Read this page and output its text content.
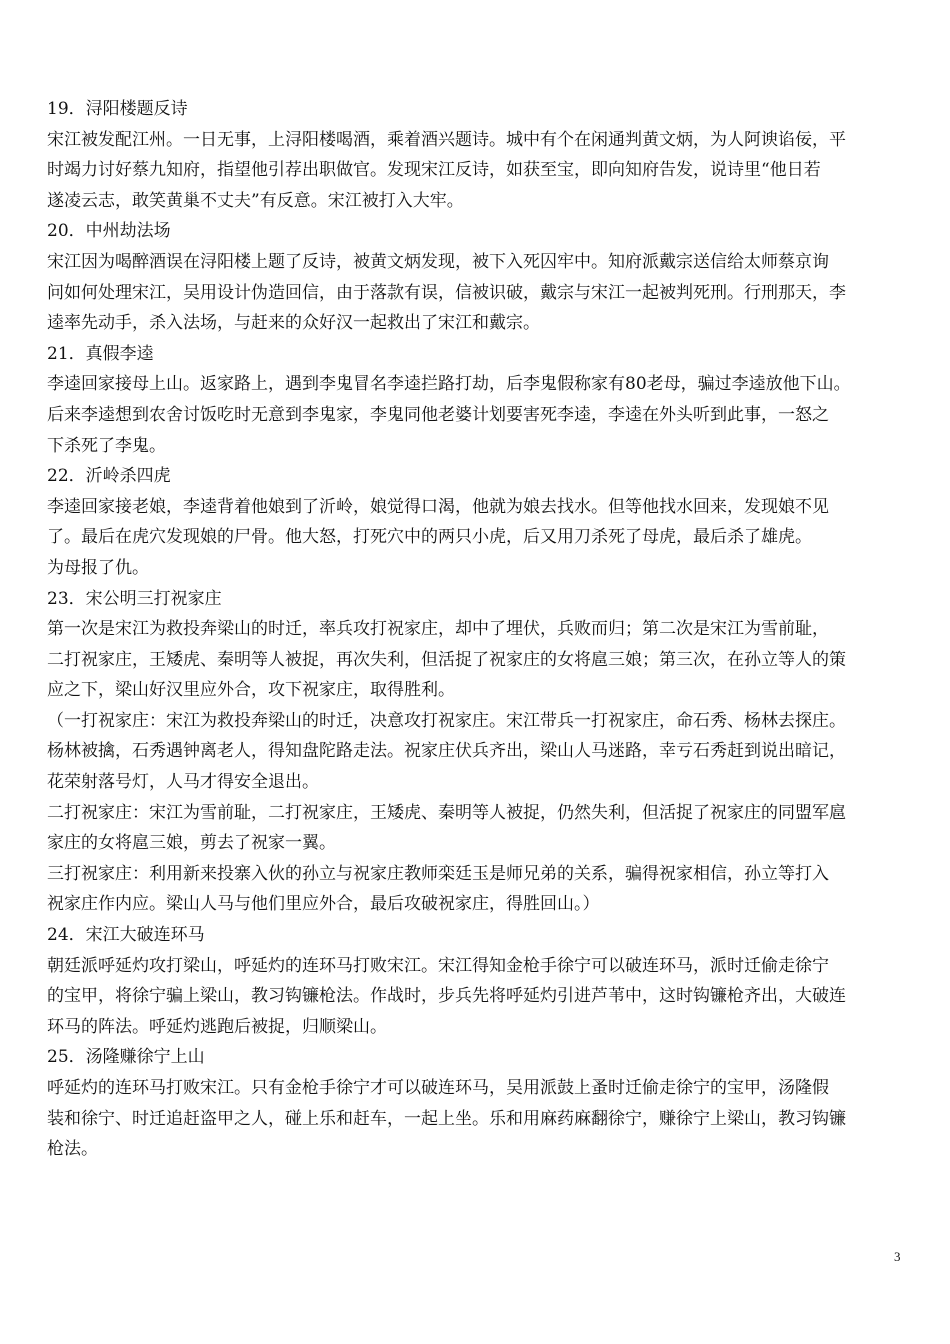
19．浔阳楼题反诗
宋江被发配江州。一日无事，上浔阳楼喝酒，乘着酒兴题诗。城中有个在闲通判黄文炳，为人阿谀谄佞，平
时竭力讨好蔡九知府，指望他引荐出职做官。发现宋江反诗，如获至宝，即向知府告发，说诗里“他日若
遂凌云志，敢笑黄巢不丈夫”有反意。宋江被打入大牢。
20．中州劫法场
宋江因为喝醉酒误在浔阳楼上题了反诗，被黄文炳发现，被下入死囚牢中。知府派戴宗送信给太师蔡京询
问如何处理宋江，吴用设计伪造回信，由于落款有误，信被识破，戴宗与宋江一起被判死刑。行刑那天，李
逵率先动手，杀入法场，与赶来的众好汉一起救出了宋江和戴宗。
21．真假李逵
李逵回家接母上山。返家路上，遇到李鬼冒名李逵拦路打劫，后李鬼假称家有80老母，骗过李逵放他下山。
后来李逵想到农舍讨饭吃时无意到李鬼家，李鬼同他老婆计划要害死李逵，李逵在外头听到此事，一怒之
下杀死了李鬼。
22．沂岭杀四虎
李逵回家接老娘，李逵背着他娘到了沂岭，娘觉得口渴，他就为娘去找水。但等他找水回来，发现娘不见
了。最后在虎穴发现娘的尸骨。他大怒，打死穴中的两只小虎，后又用刀杀死了母虎，最后杀了雄虎。
为母报了仇。
23．宋公明三打祝家庄
第一次是宋江为救投奔梁山的时迁，率兵攻打祝家庄，却中了埋伏，兵败而归；第二次是宋江为雪前耻，
二打祝家庄，王矮虎、秦明等人被捉，再次失利，但活捉了祝家庄的女将扈三娘；第三次，在孙立等人的策
应之下，梁山好汉里应外合，攻下祝家庄，取得胜利。
（一打祝家庄：宋江为救投奔梁山的时迁，决意攻打祝家庄。宋江带兵一打祝家庄，命石秀、杨林去探庄。
杨林被擒，石秀遇钟离老人，得知盘陀路走法。祝家庄伏兵齐出，梁山人马迷路，幸亏石秀赶到说出暗记，
花荣射落号灯，人马才得安全退出。
二打祝家庄：宋江为雪前耻，二打祝家庄，王矮虎、秦明等人被捉，仍然失利，但活捉了祝家庄的同盟军扈
家庄的女将扈三娘，剪去了祝家一翼。
三打祝家庄：利用新来投寨入伙的孙立与祝家庄教师栾廷玉是师兄弟的关系，骗得祝家相信，孙立等打入
祝家庄作内应。梁山人马与他们里应外合，最后攻破祝家庄，得胜回山。）
24．宋江大破连环马
朝廷派呼延灼攻打梁山，呼延灼的连环马打败宋江。宋江得知金枪手徐宁可以破连环马，派时迁偷走徐宁
的宝甲，将徐宁骗上梁山，教习钩镰枪法。作战时，步兵先将呼延灼引进芦苇中，这时钩镰枪齐出，大破连
环马的阵法。呼延灼逃跑后被捉，归顺梁山。
25．汤隆赚徐宁上山
呼延灼的连环马打败宋江。只有金枪手徐宁才可以破连环马，吴用派鼓上蚤时迁偷走徐宁的宝甲，汤隆假
装和徐宁、时迁追赶盗甲之人，碰上乐和赶车，一起上坐。乐和用麻药麻翻徐宁，赚徐宁上梁山，教习钩镰
枪法。
3
